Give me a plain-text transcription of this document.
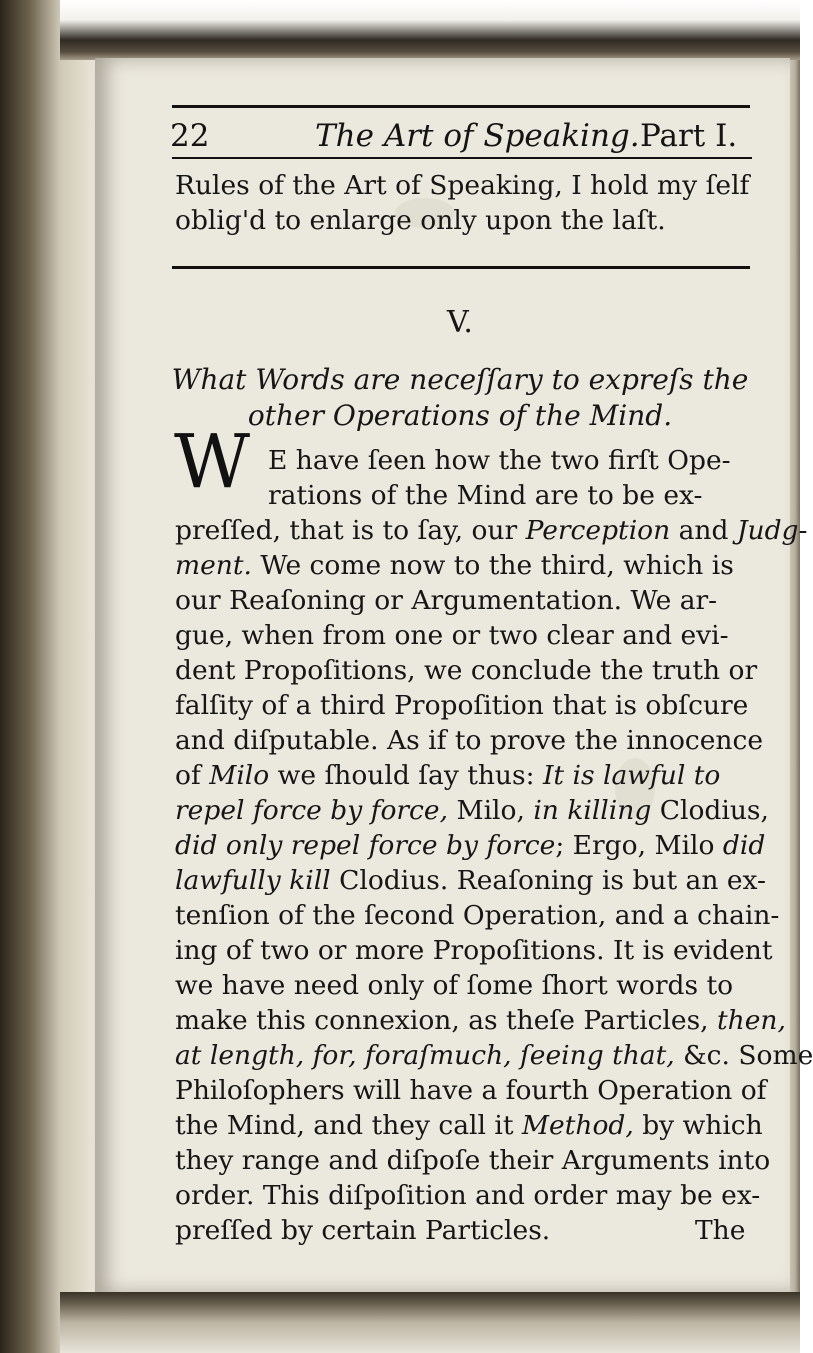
22	The Art of Speaking. Part I.
Rules of the Art of Speaking, I hold my ſelf
oblig'd to enlarge only upon the laſt.
V.
What Words are neceſſary to expreſs the
other Operations of the Mind.
W E have ſeen how the two firſt Ope-
rations of the Mind are to be ex-
preſſed, that is to ſay, our Perception and Judg-
ment. We come now to the third, which is
our Reaſoning or Argumentation. We ar-
gue, when from one or two clear and evi-
dent Propoſitions, we conclude the truth or
falſity of a third Propoſition that is obſcure
and diſputable. As if to prove the innocence
of Milo we ſhould ſay thus: It is lawful to
repel force by force, Milo, in killing Clodius,
did only repel force by force; Ergo, Milo did
lawfully kill Clodius. Reaſoning is but an ex-
tenſion of the ſecond Operation, and a chain-
ing of two or more Propoſitions. It is evident
we have need only of ſome ſhort words to
make this connexion, as theſe Particles, then,
at length, for, foraſmuch, ſeeing that, &c. Some
Philoſophers will have a fourth Operation of
the Mind, and they call it Method, by which
they range and diſpoſe their Arguments into
order. This diſpoſition and order may be ex-
preſſed by certain Particles.	The
